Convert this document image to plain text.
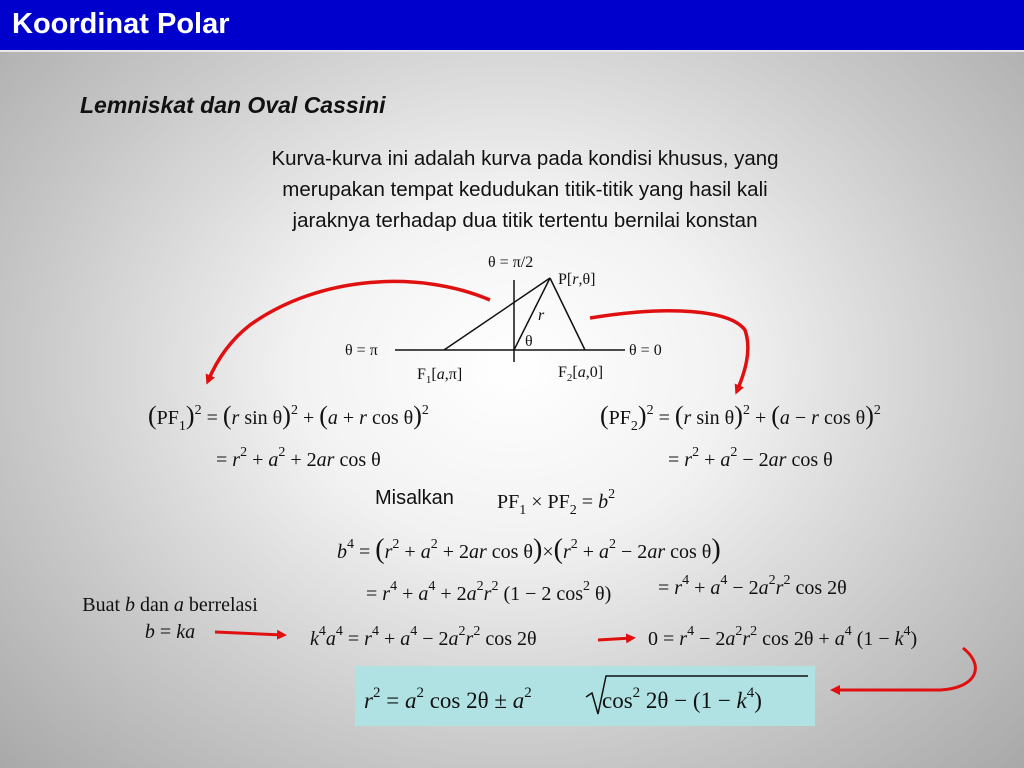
Koordinat Polar
Lemniskat dan Oval Cassini
Kurva-kurva ini adalah kurva pada kondisi khusus, yang
merupakan tempat kedudukan titik-titik yang hasil kali
jaraknya terhadap dua titik tertentu bernilai konstan
Misalkan
Buat b dan a berrelasi
b = ka
θ = π/2
θ = π	θ = 0
P[r,θ]
r
θ
$F_1[a,\pi]$	$F_2[a,0]$
$(PF_1)^2 = (r$ sin θ)$^2$ + (a + r cos θ)$^2$
= $r^2 + a^2 + 2ar$ cos θ
$(PF_2)^2 = (r$ sin θ)$^2$ + (a − r cos θ)$^2$
= $r^2 + a^2 - 2ar$ cos θ
$PF_1 \times PF_2 = b^2$
$b^4 = (r^2 + a^2 + 2ar$ $\cos \theta)\times(r^2 + a^2 - 2ar$ cos θ)
= $r^4 + a^4 + 2a^2r^2$ (1 − 2 $\cos^2 \theta) = r^4 + a^4 - 2a^2r^2$ cos 2θ
$k^4a^4 = r^4 + a^4 - 2a^2r^2$ cos 2θ	$0 = r^4 - 2a^2r^2$ $\cos 2\theta + a^4$ $(1 - k^4)$
$r^2 = a^2$ $\cos 2\theta \pm a^2$	$\cos^2 2\theta - (1 - k^4)$
